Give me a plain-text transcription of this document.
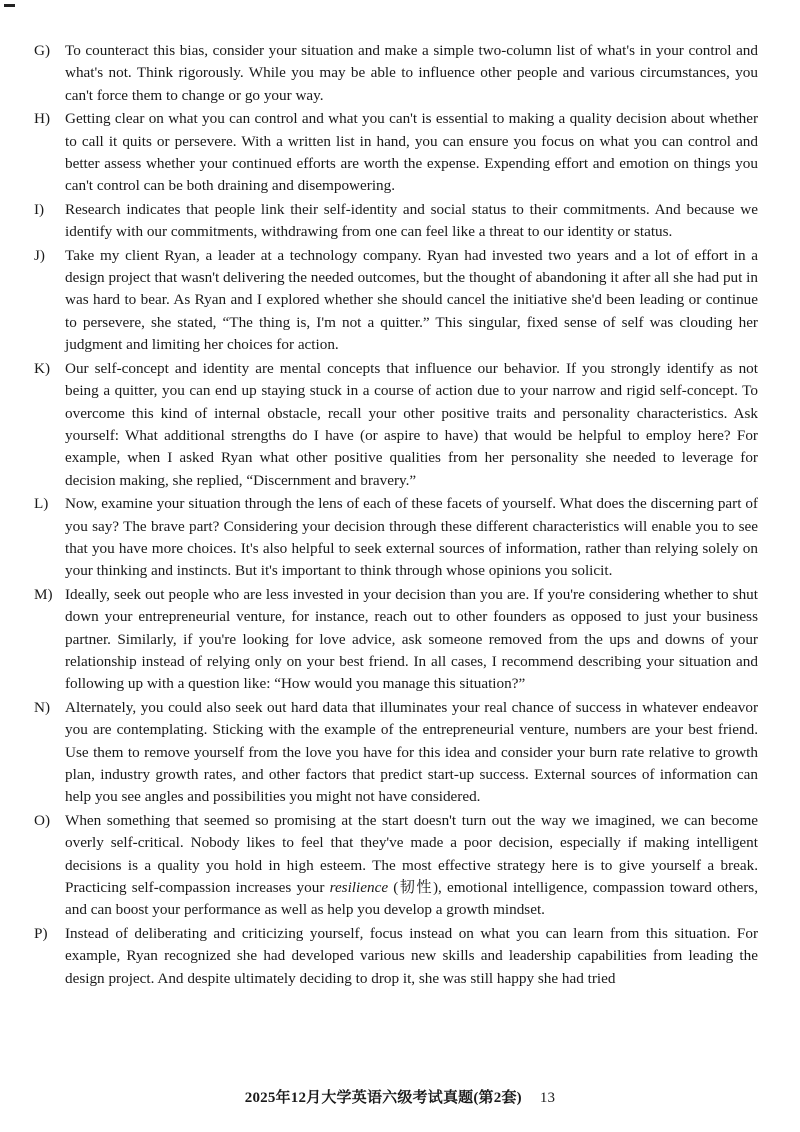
G) To counteract this bias, consider your situation and make a simple two-column list of what's in your control and what's not. Think rigorously. While you may be able to influence other people and various circumstances, you can't force them to change or go your way.
H) Getting clear on what you can control and what you can't is essential to making a quality decision about whether to call it quits or persevere. With a written list in hand, you can ensure you focus on what you can control and better assess whether your continued efforts are worth the expense. Expending effort and emotion on things you can't control can be both draining and disempowering.
I) Research indicates that people link their self-identity and social status to their commitments. And because we identify with our commitments, withdrawing from one can feel like a threat to our identity or status.
J) Take my client Ryan, a leader at a technology company. Ryan had invested two years and a lot of effort in a design project that wasn't delivering the needed outcomes, but the thought of abandoning it after all she had put in was hard to bear. As Ryan and I explored whether she should cancel the initiative she'd been leading or continue to persevere, she stated, “The thing is, I'm not a quitter.” This singular, fixed sense of self was clouding her judgment and limiting her choices for action.
K) Our self-concept and identity are mental concepts that influence our behavior. If you strongly identify as not being a quitter, you can end up staying stuck in a course of action due to your narrow and rigid self-concept. To overcome this kind of internal obstacle, recall your other positive traits and personality characteristics. Ask yourself: What additional strengths do I have (or aspire to have) that would be helpful to employ here? For example, when I asked Ryan what other positive qualities from her personality she needed to leverage for decision making, she replied, “Discernment and bravery.”
L) Now, examine your situation through the lens of each of these facets of yourself. What does the discerning part of you say? The brave part? Considering your decision through these different characteristics will enable you to see that you have more choices. It's also helpful to seek external sources of information, rather than relying solely on your thinking and instincts. But it's important to think through whose opinions you solicit.
M) Ideally, seek out people who are less invested in your decision than you are. If you're considering whether to shut down your entrepreneurial venture, for instance, reach out to other founders as opposed to just your business partner. Similarly, if you're looking for love advice, ask someone removed from the ups and downs of your relationship instead of relying only on your best friend. In all cases, I recommend describing your situation and following up with a question like: “How would you manage this situation?”
N) Alternately, you could also seek out hard data that illuminates your real chance of success in whatever endeavor you are contemplating. Sticking with the example of the entrepreneurial venture, numbers are your best friend. Use them to remove yourself from the love you have for this idea and consider your burn rate relative to growth plan, industry growth rates, and other factors that predict start-up success. External sources of information can help you see angles and possibilities you might not have considered.
O) When something that seemed so promising at the start doesn't turn out the way we imagined, we can become overly self-critical. Nobody likes to feel that they've made a poor decision, especially if making intelligent decisions is a quality you hold in high esteem. The most effective strategy here is to give yourself a break. Practicing self-compassion increases your resilience (韧性), emotional intelligence, compassion toward others, and can boost your performance as well as help you develop a growth mindset.
P) Instead of deliberating and criticizing yourself, focus instead on what you can learn from this situation. For example, Ryan recognized she had developed various new skills and leadership capabilities from leading the design project. And despite ultimately deciding to drop it, she was still happy she had tried
2025年12月大学英语六级考试真题(第2套) 13
